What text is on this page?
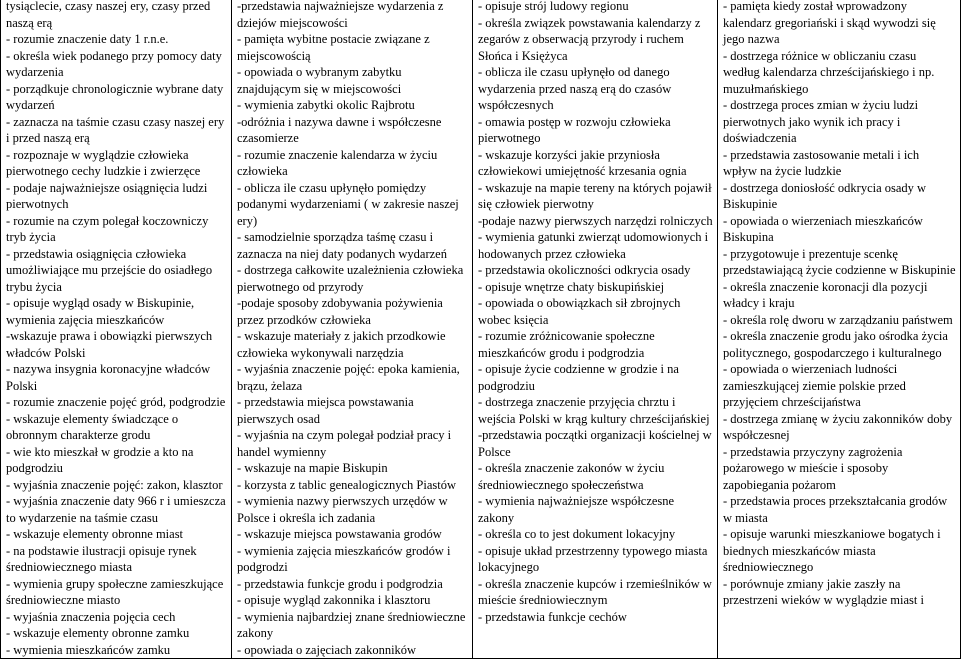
tysiąclecie, czasy naszej ery, czasy przed naszą erą
- rozumie znaczenie daty 1 r.n.e.
- określa wiek podanego przy pomocy daty wydarzenia
- porządkuje chronologicznie wybrane daty wydarzeń
- zaznacza na taśmie czasu czasy naszej ery i przed naszą erą
- rozpoznaje w wyglądzie człowieka pierwotnego cechy ludzkie i zwierzęce
- podaje najważniejsze osiągnięcia ludzi pierwotnych
- rozumie na czym polegał koczowniczy tryb życia
- przedstawia osiągnięcia człowieka umożliwiające mu przejście do osiadłego trybu życia
- opisuje wygląd osady w Biskupinie, wymienia zajęcia mieszkańców
-wskazuje prawa i obowiązki pierwszych władców Polski
- nazywa insygnia koronacyjne władców Polski
- rozumie znaczenie pojęć gród, podgrodzie
- wskazuje elementy świadczące o obronnym charakterze grodu
- wie kto mieszkał w grodzie a kto na podgrodziu
- wyjaśnia znaczenie pojęć: zakon, klasztor
- wyjaśnia znaczenie daty 966 r i umieszcza to wydarzenie na taśmie czasu
- wskazuje elementy obronne miast
- na podstawie ilustracji opisuje rynek średniowiecznego miasta
- wymienia grupy społeczne zamieszkujące średniowieczne miasto
- wyjaśnia znaczenia pojęcia cech
- wskazuje elementy obronne zamku
- wymienia mieszkańców zamku

-przedstawia najważniejsze wydarzenia z dziejów miejscowości
- pamięta wybitne postacie związane z miejscowością
- opowiada o wybranym zabytku znajdującym się w miejscowości
- wymienia zabytki okolic Rajbrotu
-odróżnia i nazywa dawne i współczesne czasomierze
- rozumie znaczenie kalendarza w życiu człowieka
- oblicza ile czasu upłynęło pomiędzy podanymi wydarzeniami ( w zakresie naszej ery)
- samodzielnie sporządza taśmę czasu i zaznacza na niej daty podanych wydarzeń
- dostrzega całkowite uzależnienia człowieka pierwotnego od przyrody
-podaje sposoby zdobywania pożywienia przez przodków człowieka
- wskazuje materiały z jakich przodkowie człowieka wykonywali narzędzia
- wyjaśnia znaczenie pojęć: epoka kamienia, brązu, żelaza
- przedstawia miejsca powstawania pierwszych osad
- wyjaśnia na czym polegał podział pracy i handel wymienny
- wskazuje na mapie Biskupin
- korzysta z tablic genealogicznych Piastów
- wymienia nazwy pierwszych urzędów w Polsce i określa ich zadania
- wskazuje miejsca powstawania grodów
- wymienia zajęcia mieszkańców grodów i podgrodzi
- przedstawia funkcje grodu i podgrodzia
- opisuje wygląd zakonnika i klasztoru
- wymienia najbardziej znane średniowieczne zakony
- opowiada o zajęciach zakonników

- opisuje strój ludowy regionu
- określa związek powstawania kalendarzy z zegarów z obserwacją przyrody i ruchem Słońca i Księżyca
- oblicza ile czasu upłynęło od danego wydarzenia przed naszą erą do czasów współczesnych
- omawia postęp w rozwoju człowieka pierwotnego
- wskazuje korzyści jakie przyniosła człowiekowi umiejętność krzesania ognia
- wskazuje na mapie tereny na których pojawił się człowiek pierwotny
-podaje nazwy pierwszych narzędzi rolniczych
- wymienia gatunki zwierząt udomowionych i hodowanych przez człowieka
- przedstawia okoliczności odkrycia osady
- opisuje wnętrze chaty biskupińskiej
- opowiada o obowiązkach sił zbrojnych wobec księcia
- rozumie zróżnicowanie społeczne mieszkańców grodu i podgrodzia
- opisuje życie codzienne w grodzie i na podgrodziu
- dostrzega znaczenie przyjęcia chrztu i wejścia Polski w krąg kultury chrześcijańskiej
-przedstawia początki organizacji kościelnej w Polsce
- określa znaczenie zakonów w życiu średniowiecznego społeczeństwa
- wymienia najważniejsze współczesne zakony
- określa co to jest dokument lokacyjny
- opisuje układ przestrzenny typowego miasta lokacyjnego
- określa znaczenie kupców i rzemieślników w mieście średniowiecznym
- przedstawia funkcje cechów

- pamięta kiedy został wprowadzony kalendarz gregoriański i skąd wywodzi się jego nazwa
- dostrzega różnice w obliczaniu czasu według kalendarza chrześcijańskiego i np. muzułmańskiego
- dostrzega proces zmian w życiu ludzi pierwotnych jako wynik ich pracy i doświadczenia
- przedstawia zastosowanie metali i ich wpływ na życie ludzkie
- dostrzega doniosłość odkrycia osady w Biskupinie
- opowiada o wierzeniach mieszkańców Biskupina
- przygotowuje i prezentuje scenkę przedstawiającą życie codzienne w Biskupinie
- określa znaczenie koronacji dla pozycji władcy i kraju
- określa rolę dworu w zarządzaniu państwem
- określa znaczenie grodu jako ośrodka życia politycznego, gospodarczego i kulturalnego
- opowiada o wierzeniach ludności zamieszkującej ziemie polskie przed przyjęciem chrześcijaństwa
- dostrzega zmianę w życiu zakonników doby współczesnej
- przedstawia przyczyny zagrożenia pożarowego w mieście i sposoby zapobiegania pożarom
- przedstawia proces przekształcania grodów w miasta
- opisuje warunki mieszkaniowe bogatych i biednych mieszkańców miasta średniowiecznego
- porównuje zmiany jakie zaszły na przestrzeni wieków w wyglądzie miast i
